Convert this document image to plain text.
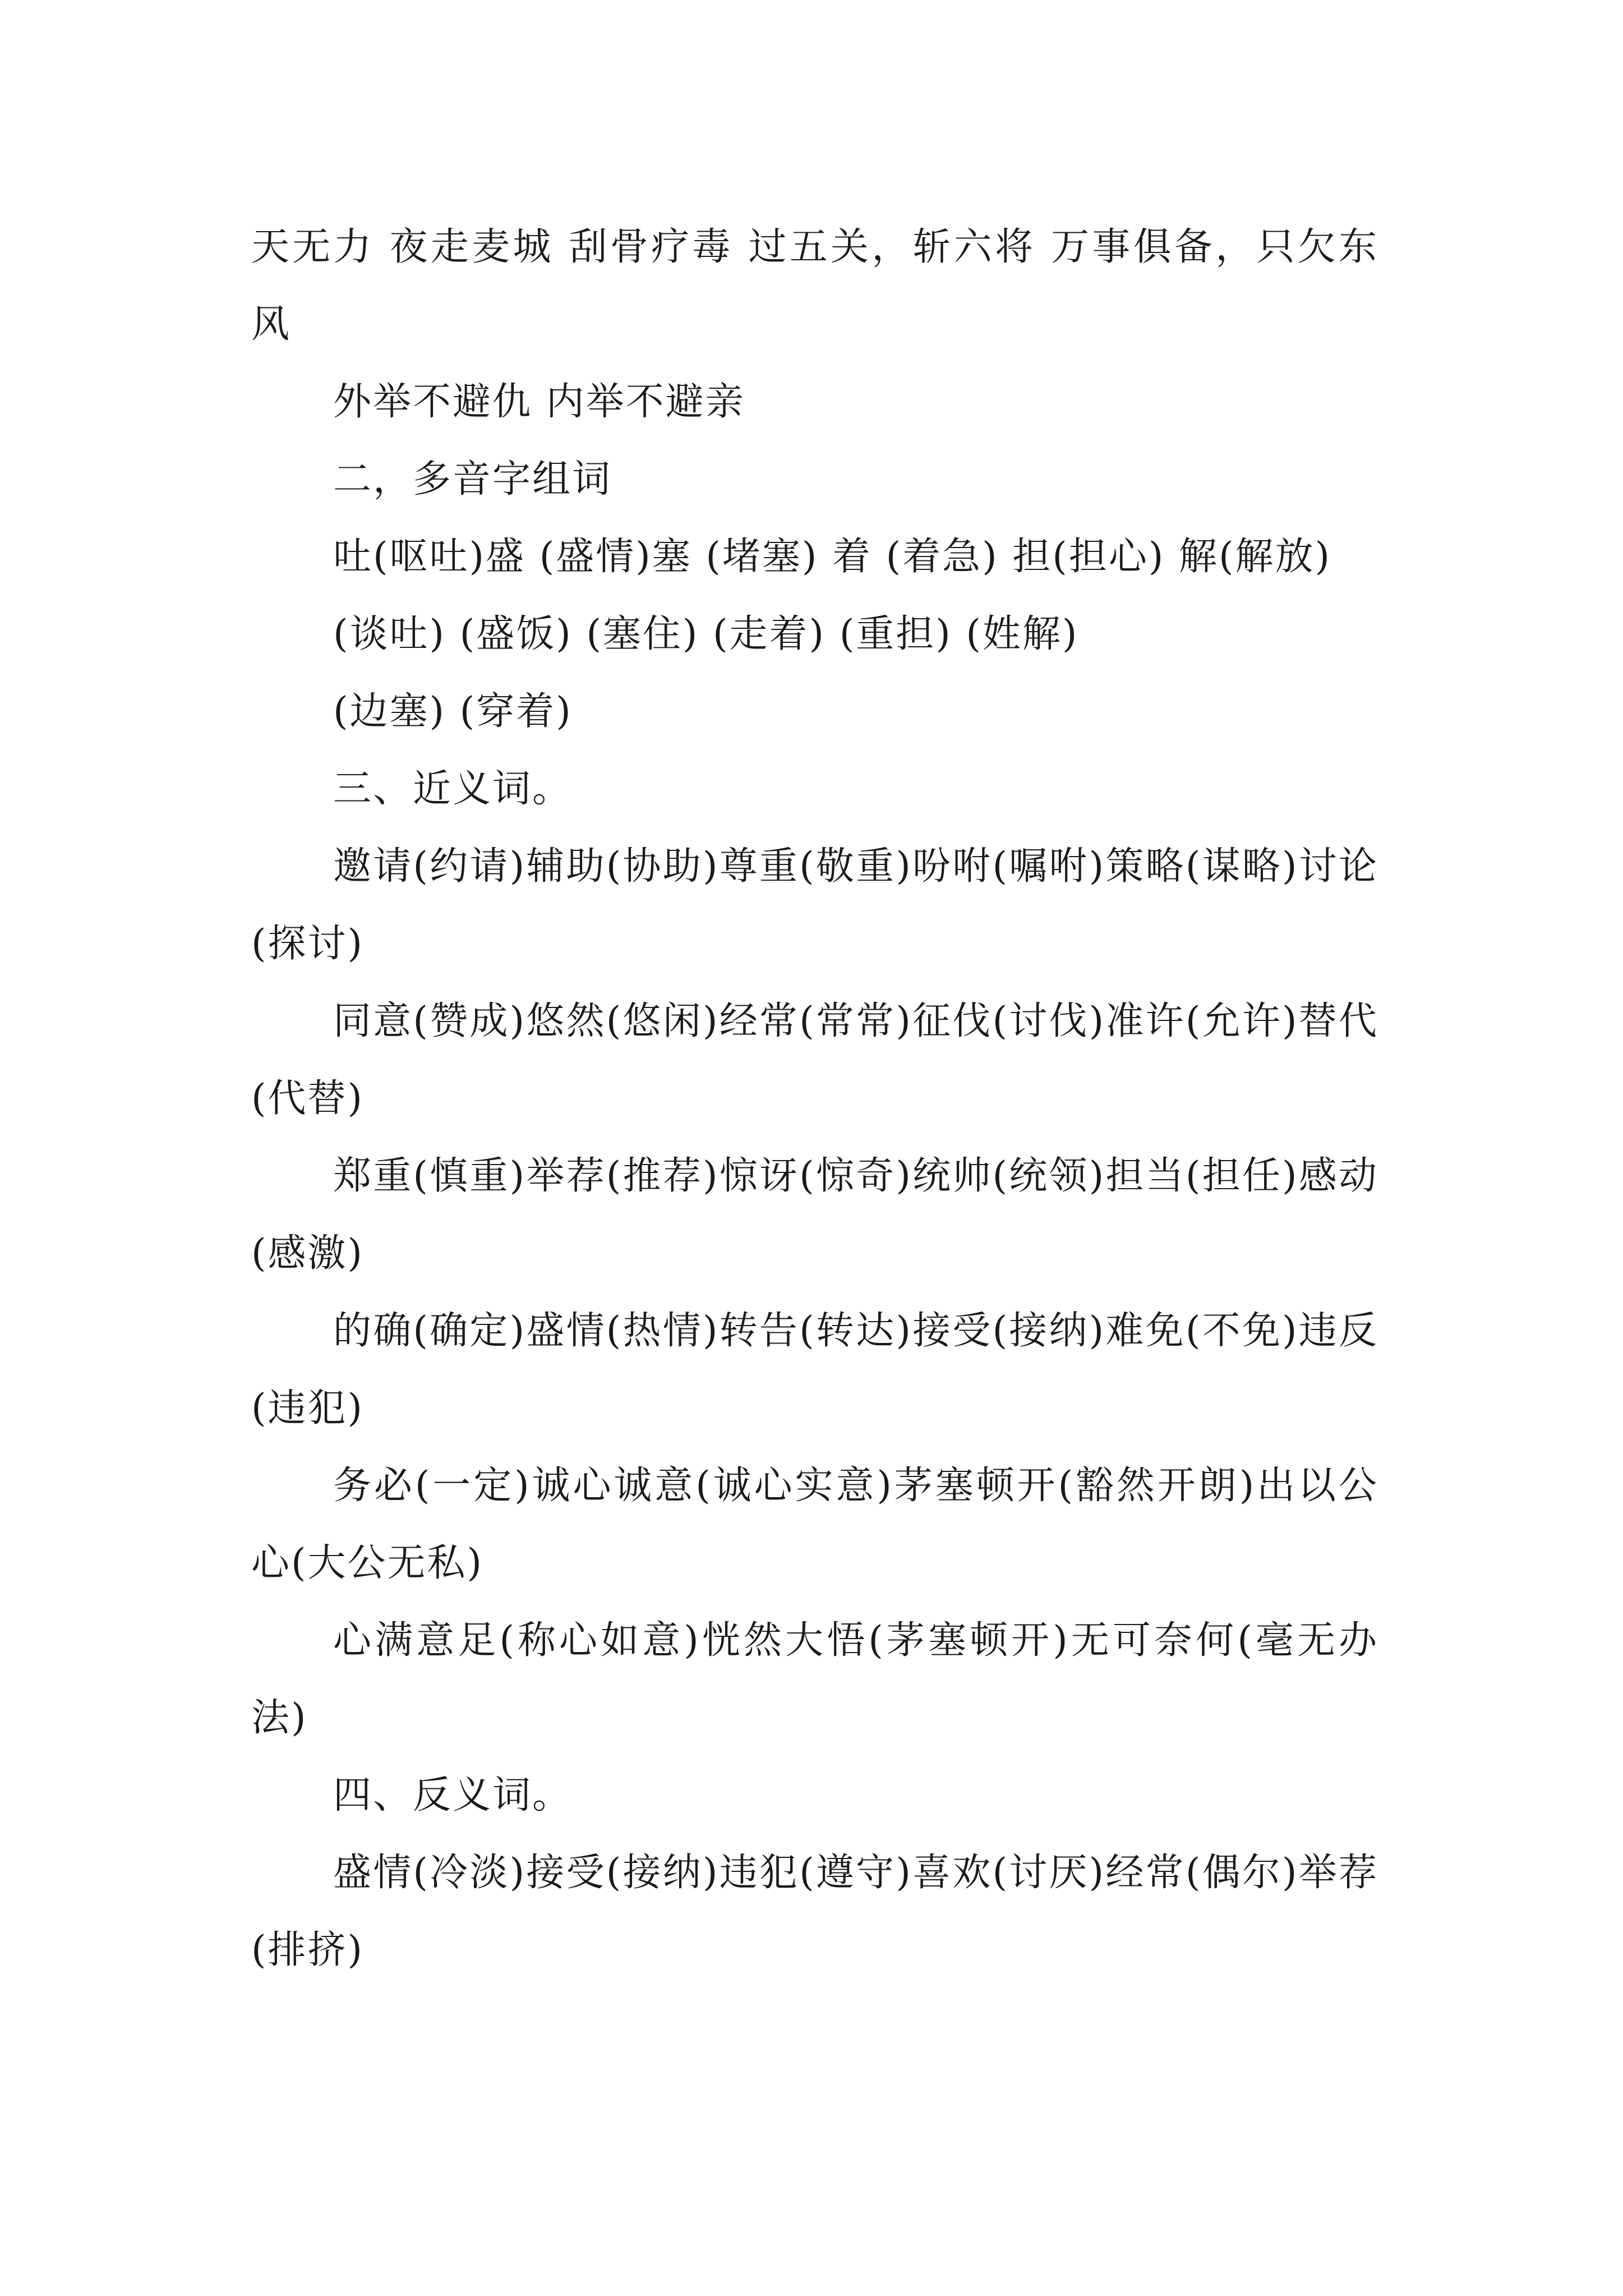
天无力 夜走麦城 刮骨疗毒 过五关，斩六将 万事俱备，只欠东风

外举不避仇 内举不避亲

二，多音字组词

吐(呕吐)盛 (盛情)塞 (堵塞) 着 (着急) 担(担心) 解(解放)

(谈吐) (盛饭) (塞住) (走着) (重担) (姓解)

(边塞) (穿着)

三、近义词。

邀请(约请)辅助(协助)尊重(敬重)吩咐(嘱咐)策略(谋略)讨论(探讨)

同意(赞成)悠然(悠闲)经常(常常)征伐(讨伐)准许(允许)替代(代替)

郑重(慎重)举荐(推荐)惊讶(惊奇)统帅(统领)担当(担任)感动(感激)

的确(确定)盛情(热情)转告(转达)接受(接纳)难免(不免)违反(违犯)

务必(一定)诚心诚意(诚心实意)茅塞顿开(豁然开朗)出以公心(大公无私)

心满意足(称心如意)恍然大悟(茅塞顿开)无可奈何(毫无办法)

四、反义词。

盛情(冷淡)接受(接纳)违犯(遵守)喜欢(讨厌)经常(偶尔)举荐(排挤)
